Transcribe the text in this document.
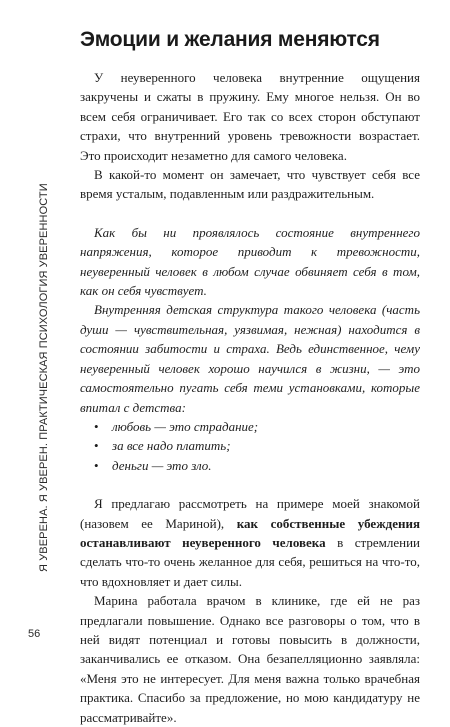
Эмоции и желания меняются

У неуверенного человека внутренние ощущения закручены и сжаты в пружину. Ему многое нельзя. Он во всем себя ограничивает. Его так со всех сторон обступают страхи, что внутренний уровень тревожности возрастает. Это происходит незаметно для самого человека.

В какой-то момент он замечает, что чувствует себя все время усталым, подавленным или раздражительным.

Как бы ни проявлялось состояние внутреннего напряжения, которое приводит к тревожности, неуверенный человек в любом случае обвиняет себя в том, как он себя чувствует.

Внутренняя детская структура такого человека (часть души — чувствительная, уязвимая, нежная) находится в состоянии забитости и страха. Ведь единственное, чему неуверенный человек хорошо научился в жизни, — это самостоятельно пугать себя теми установками, которые впитал с детства:

• любовь — это страдание;
• за все надо платить;
• деньги — это зло.

Я предлагаю рассмотреть на примере моей знакомой (назовем ее Мариной), как собственные убеждения останавливают неуверенного человека в стремлении сделать что-то очень желанное для себя, решиться на что-то, что вдохновляет и дает силы.

Марина работала врачом в клинике, где ей не раз предлагали повышение. Однако все разговоры о том, что в ней видят потенциал и готовы повысить в должности, заканчивались ее отказом. Она безапелляционно заявляла: «Меня это не интересует. Для меня важна только врачебная практика. Спасибо за предложение, но мою кандидатуру не рассматривайте».

Я УВЕРЕНА. Я УВЕРЕН. ПРАКТИЧЕСКАЯ ПСИХОЛОГИЯ УВЕРЕННОСТИ
56
